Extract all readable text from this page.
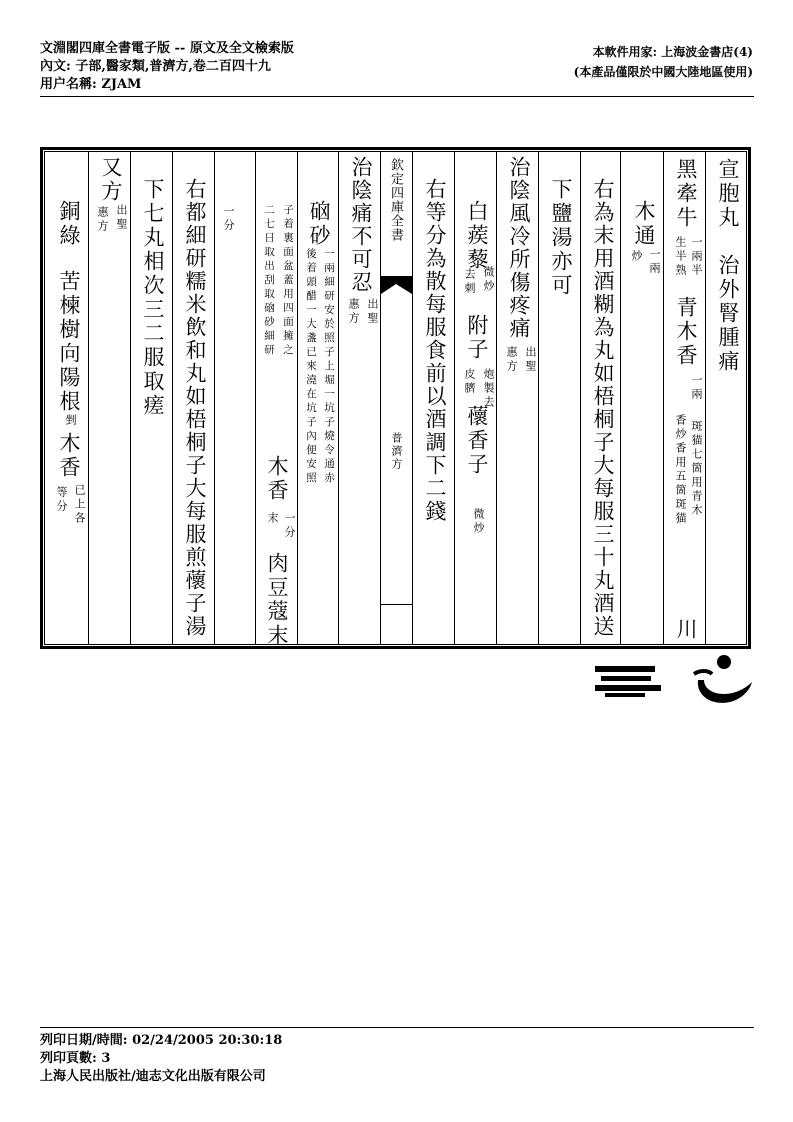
文淵閣四庫全書電子版 -- 原文及全文檢索版
內文: 子部,醫家類,普濟方,卷二百四十九
用户名稱: ZJAM
本軟件用家: 上海波金書店(4)
(本產品僅限於中國大陸地區使用)
宣胞丸　治外腎腫痛
黑牽牛
一兩半
生半熟
青木香
一兩
斑猫七箇用青木
香炒香用五箇斑猫
川
木通
一兩
炒
右為末用酒糊為丸如梧桐子大每服三十丸酒送
下鹽湯亦可
治陰風冷所傷疼痛
出聖
惠方
白蒺藜
微炒
去刺
附子
炮製去
皮臍
蘹香子
微炒
右等分為散每服食前以酒調下二錢
欽定四庫全書
普濟方
治陰痛不可忍
出聖
惠方
硇砂
一兩細研安於照子上堀一坑子燒令通赤
後着頭醋一大盞已來澆在坑子內便安照
子着裏面盆蓋用四面擁之
二七日取出刮取硇砂細研
木香
一分
末
肉豆蔻末
一分
右都細研糯米飲和丸如梧桐子大每服煎蘹子湯
下七丸相次三二服取瘥
又方
出聖
惠方
銅綠
苦楝樹向陽根
剉
木香
已上各
等分
列印日期/時間: 02/24/2005 20:30:18
列印頁數: 3
上海人民出版社/迪志文化出版有限公司
